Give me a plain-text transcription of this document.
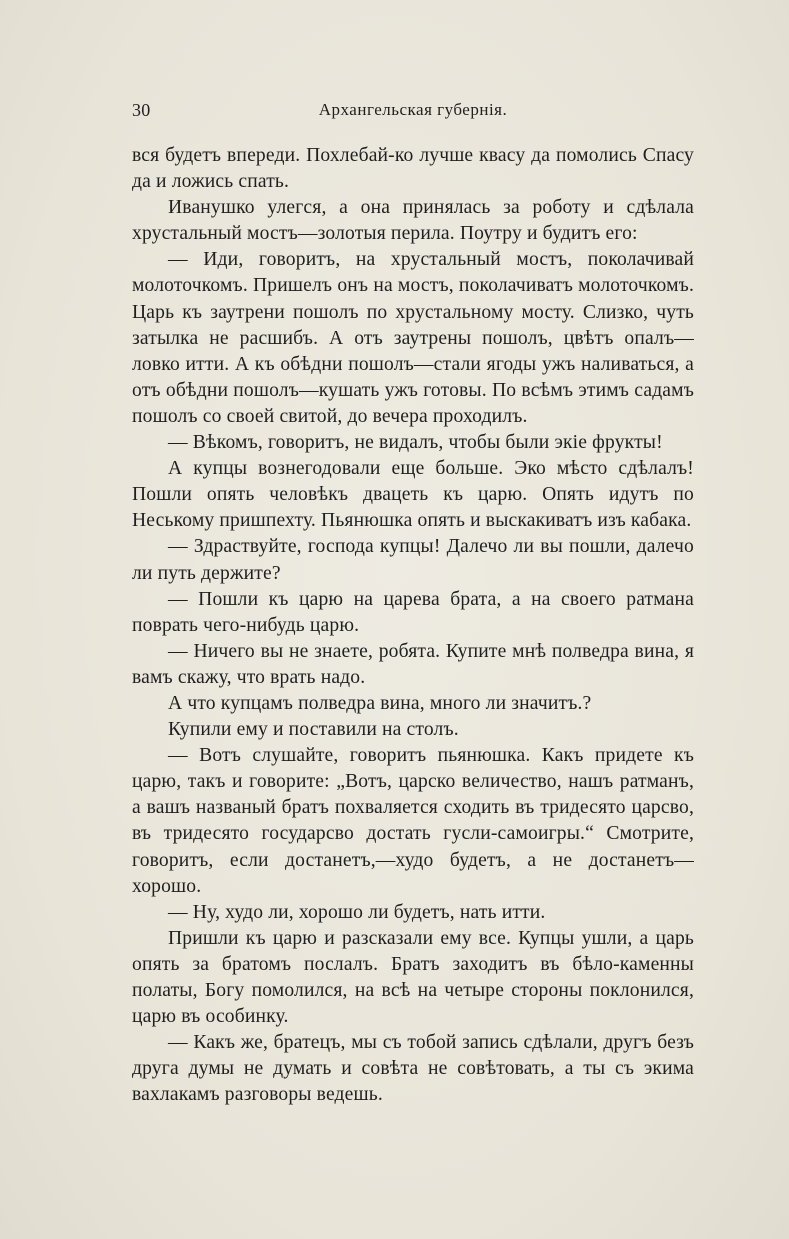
30	Архангельская губернія.

вся будетъ впереди. Похлебай-ко лучше квасу да помолись Спасу да и ложись спать.

Иванушко улегся, а она принялась за роботу и сдѣлала хрустальный мостъ—золотыя перила. Поутру и будитъ его:

— Иди, говоритъ, на хрустальный мостъ, поколачивай молоточкомъ. Пришелъ онъ на мостъ, поколачиватъ молоточкомъ. Царь къ заутрени пошолъ по хрустальному мосту. Слизко, чуть затылка не расшибъ. А отъ заутрены пошолъ, цвѣтъ опалъ—ловко итти. А къ обѣдни пошолъ—стали ягоды ужъ наливаться, а отъ обѣдни пошолъ—кушать ужъ готовы. По всѣмъ этимъ садамъ пошолъ со своей свитой, до вечера проходилъ.

— Вѣкомъ, говоритъ, не видалъ, чтобы были экіе фрукты!

А купцы вознегодовали еще больше. Эко мѣсто сдѣлалъ! Пошли опять человѣкъ двацеть къ царю. Опять идутъ по Неському пришпехту. Пьянюшка опять и выскакиватъ изъ кабака.

— Здраствуйте, господа купцы! Далечо ли вы пошли, далечо ли путь держите?

— Пошли къ царю на царева брата, а на своего ратмана поврать чего-нибудь царю.

— Ничего вы не знаете, робята. Купите мнѣ полведра вина, я вамъ скажу, что врать надо.

А что купцамъ полведра вина, много ли значитъ.?

Купили ему и поставили на столъ.

— Вотъ слушайте, говоритъ пьянюшка. Какъ придете къ царю, такъ и говорите: „Вотъ, царско величество, нашъ ратманъ, а вашъ названый братъ похваляется сходить въ тридесято царсво, въ тридесято государсво достать гусли-самоигры.“ Смотрите, говоритъ, если достанетъ,—худо будетъ, а не достанетъ—хорошо.

— Ну, худо ли, хорошо ли будетъ, нать итти.

Пришли къ царю и разсказали ему все. Купцы ушли, а царь опять за братомъ послалъ. Братъ заходитъ въ бѣло-каменны полаты, Богу помолился, на всѣ на четыре стороны поклонился, царю въ особинку.

— Какъ же, братецъ, мы съ тобой запись сдѣлали, другъ безъ друга думы не думать и совѣта не совѣтовать, а ты съ экима вахлакамъ разговоры ведешь.
